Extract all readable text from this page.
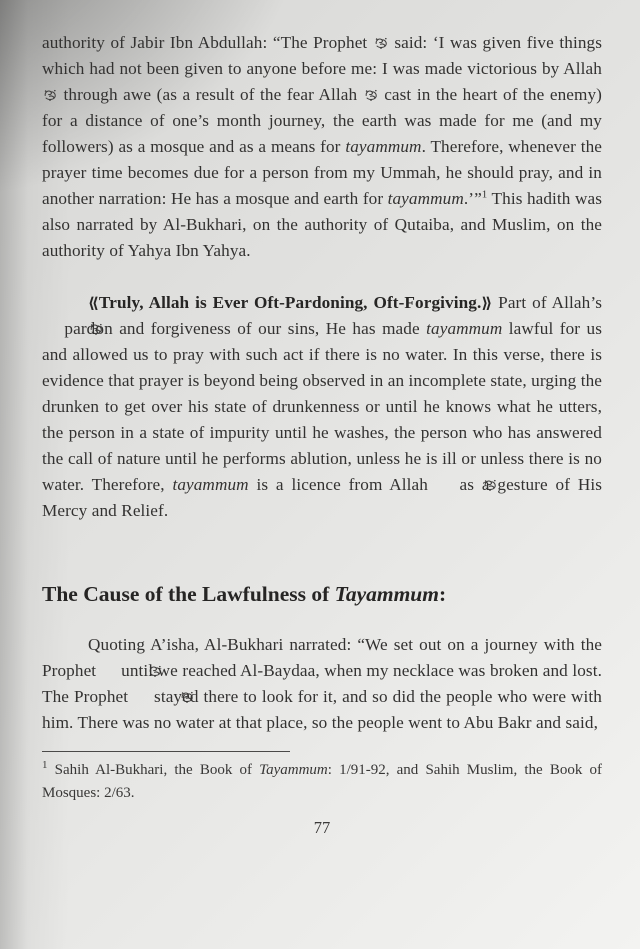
authority of Jabir Ibn Abdullah: “The Prophet  said: ‘I was given five things which had not been given to anyone before me: I was made victorious by Allah  through awe (as a result of the fear Allah  cast in the heart of the enemy) for a distance of one’s month journey, the earth was made for me (and my followers) as a mosque and as a means for tayammum. Therefore, whenever the prayer time becomes due for a person from my Ummah, he should pray, and in another narration: He has a mosque and earth for tayammum.’”$^1$ This hadith was also narrated by Al-Bukhari, on the authority of Qutaiba, and Muslim, on the authority of Yahya Ibn Yahya.

⟪Truly, Allah is Ever Oft-Pardoning, Oft-Forgiving.⟫ Part of Allah’s  pardon and forgiveness of our sins, He has made tayammum lawful for us and allowed us to pray with such act if there is no water. In this verse, there is evidence that prayer is beyond being observed in an incomplete state, urging the drunken to get over his state of drunkenness or until he knows what he utters, the person in a state of impurity until he washes, the person who has answered the call of nature until he performs ablution, unless he is ill or unless there is no water. Therefore, tayammum is a licence from Allah  as a gesture of His Mercy and Relief.

The Cause of the Lawfulness of Tayammum:

Quoting A’isha, Al-Bukhari narrated: “We set out on a journey with the Prophet  until we reached Al-Baydaa, when my necklace was broken and lost. The Prophet  stayed there to look for it, and so did the people who were with him. There was no water at that place, so the people went to Abu Bakr and said,

$^1$ Sahih Al-Bukhari, the Book of Tayammum: 1/91-92, and Sahih Muslim, the Book of Mosques: 2/63.

77
